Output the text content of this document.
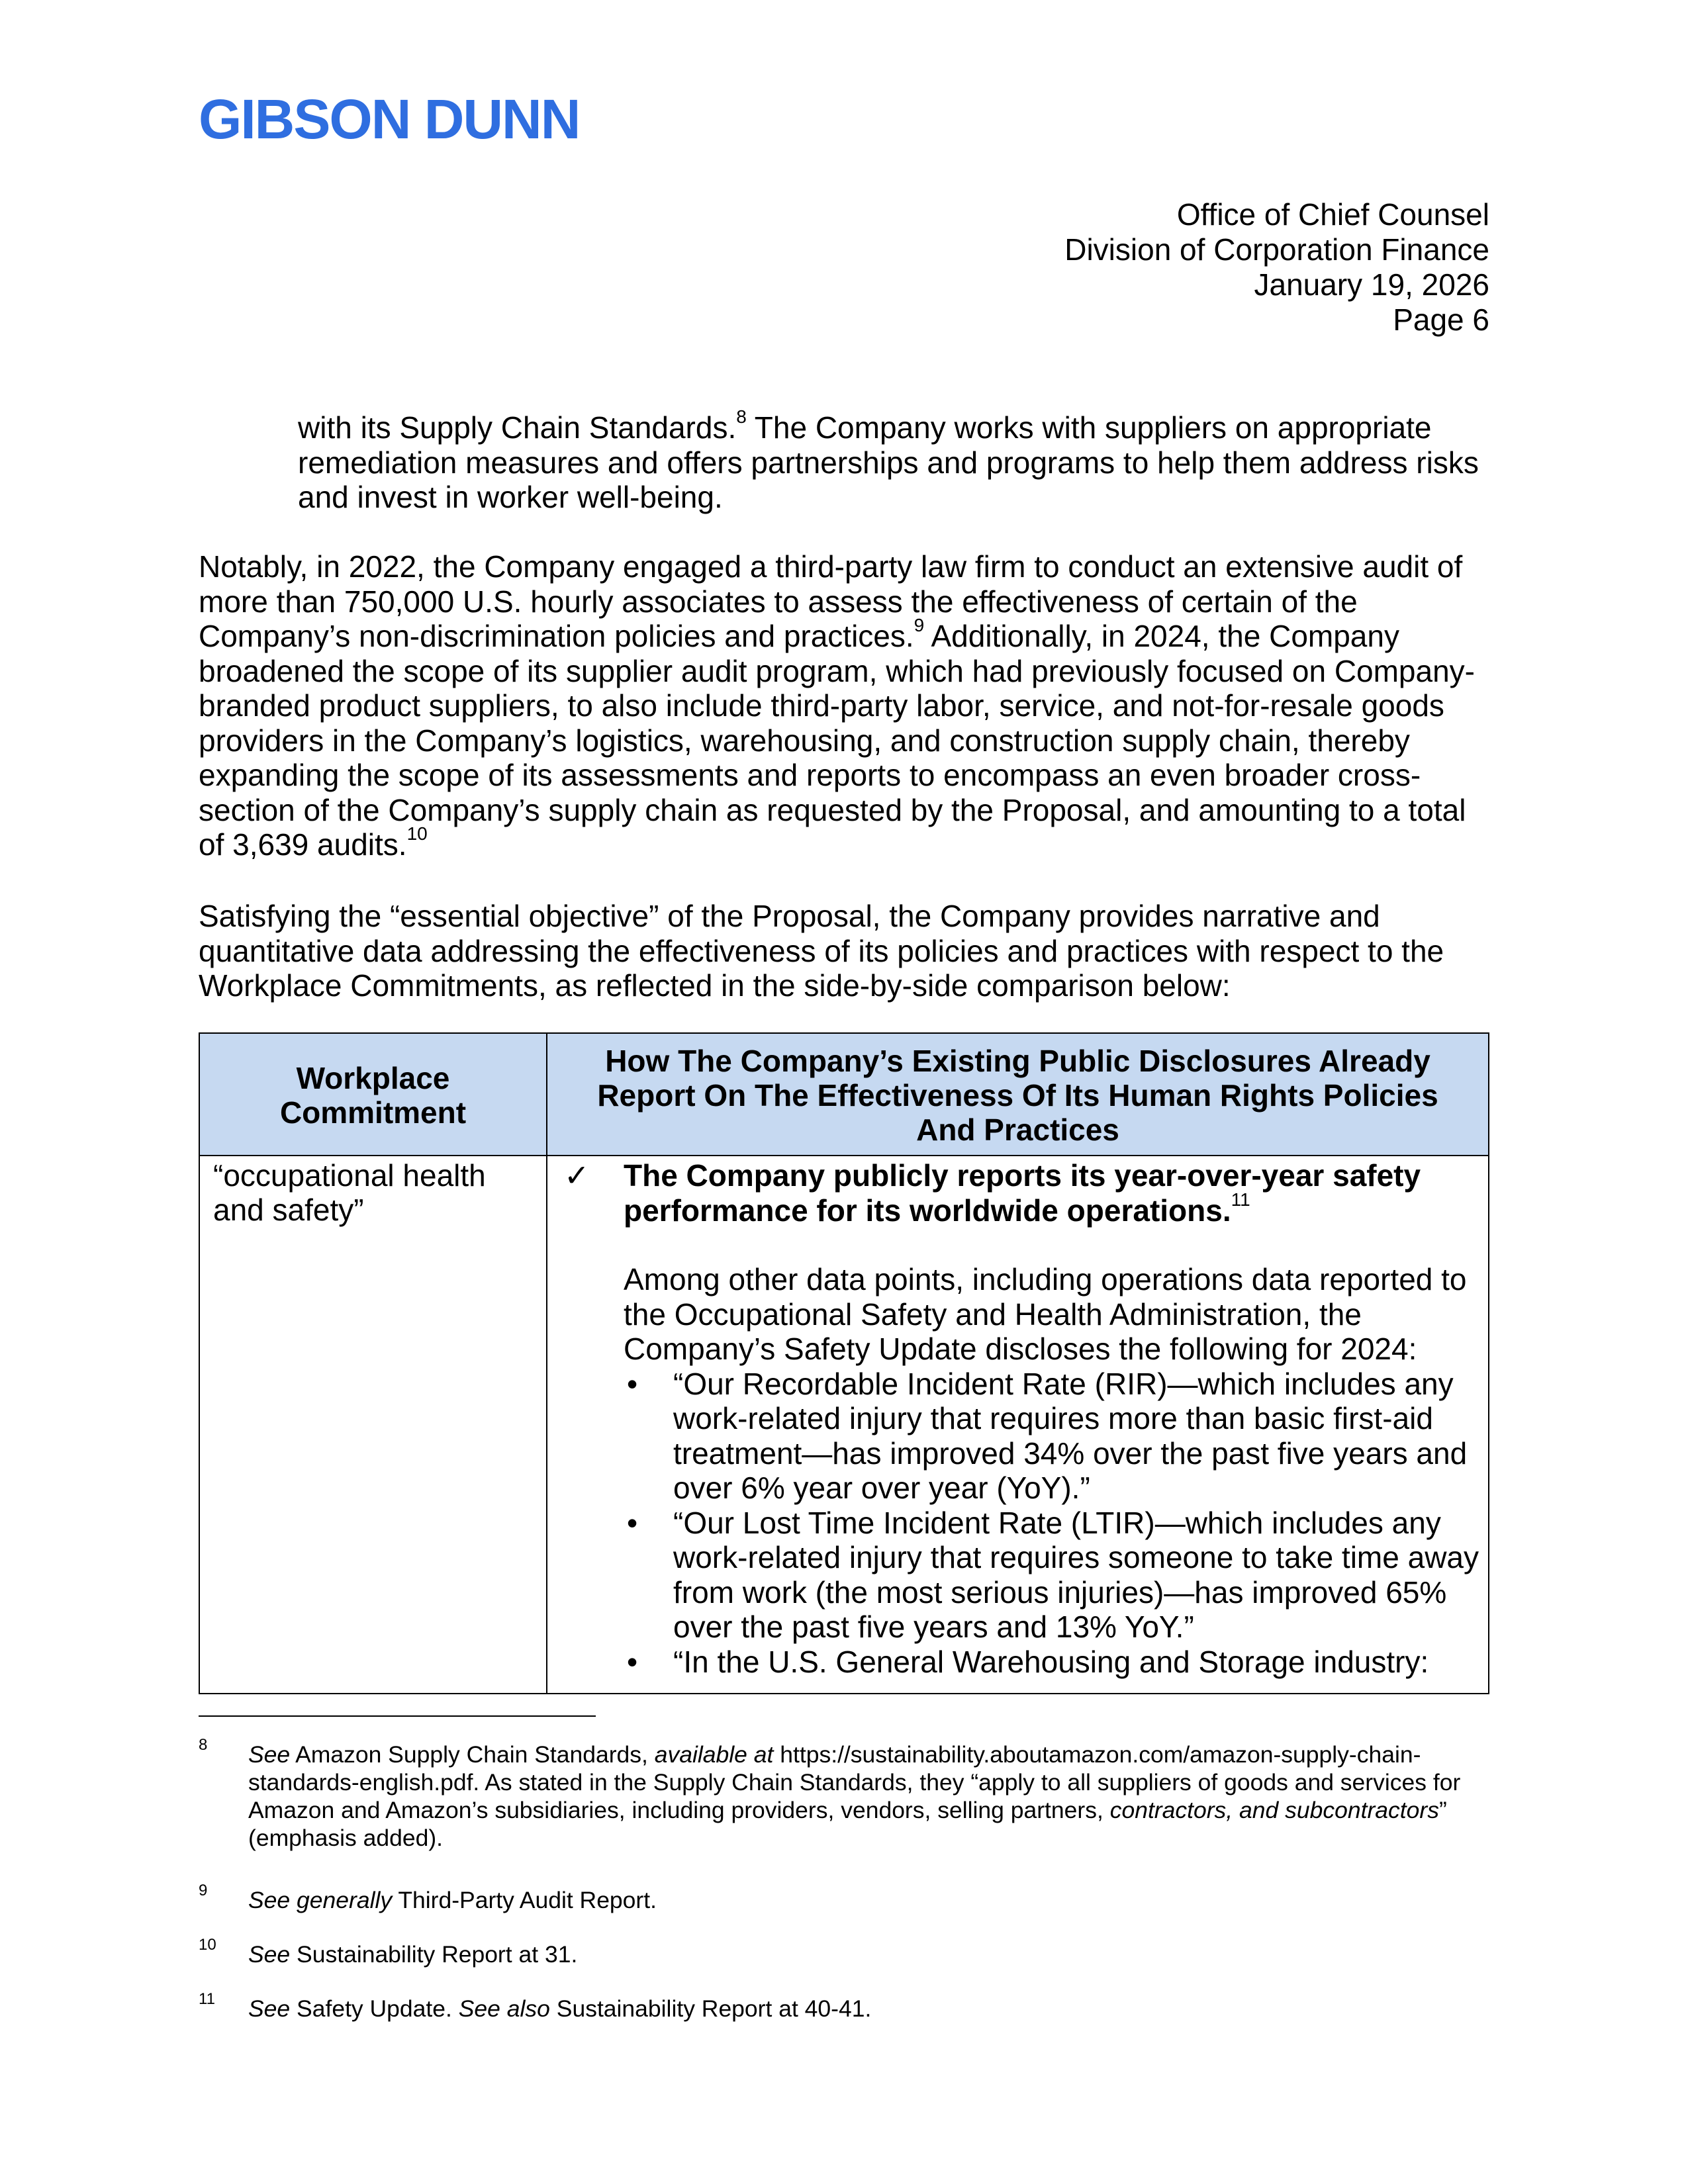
GIBSON DUNN
Office of Chief Counsel
Division of Corporation Finance
January 19, 2026
Page 6
with its Supply Chain Standards.$^8$ The Company works with suppliers on appropriate remediation measures and offers partnerships and programs to help them address risks and invest in worker well-being.
Notably, in 2022, the Company engaged a third-party law firm to conduct an extensive audit of more than 750,000 U.S. hourly associates to assess the effectiveness of certain of the Company’s non-discrimination policies and practices.$^9$ Additionally, in 2024, the Company broadened the scope of its supplier audit program, which had previously focused on Company-branded product suppliers, to also include third-party labor, service, and not-for-resale goods providers in the Company’s logistics, warehousing, and construction supply chain, thereby expanding the scope of its assessments and reports to encompass an even broader cross-section of the Company’s supply chain as requested by the Proposal, and amounting to a total of 3,639 audits.$^{10}$
Satisfying the “essential objective” of the Proposal, the Company provides narrative and quantitative data addressing the effectiveness of its policies and practices with respect to the Workplace Commitments, as reflected in the side-by-side comparison below:
Workplace Commitment
How The Company’s Existing Public Disclosures Already Report On The Effectiveness Of Its Human Rights Policies And Practices
“occupational health and safety”
✓ The Company publicly reports its year-over-year safety performance for its worldwide operations.$^{11}$
Among other data points, including operations data reported to the Occupational Safety and Health Administration, the Company’s Safety Update discloses the following for 2024:
• “Our Recordable Incident Rate (RIR)—which includes any work-related injury that requires more than basic first-aid treatment—has improved 34% over the past five years and over 6% year over year (YoY).”
• “Our Lost Time Incident Rate (LTIR)—which includes any work-related injury that requires someone to take time away from work (the most serious injuries)—has improved 65% over the past five years and 13% YoY.”
• “In the U.S. General Warehousing and Storage industry:
8 See Amazon Supply Chain Standards, available at https://sustainability.aboutamazon.com/amazon-supply-chain-standards-english.pdf. As stated in the Supply Chain Standards, they “apply to all suppliers of goods and services for Amazon and Amazon’s subsidiaries, including providers, vendors, selling partners, contractors, and subcontractors” (emphasis added).
9 See generally Third-Party Audit Report.
10 See Sustainability Report at 31.
11 See Safety Update. See also Sustainability Report at 40-41.
